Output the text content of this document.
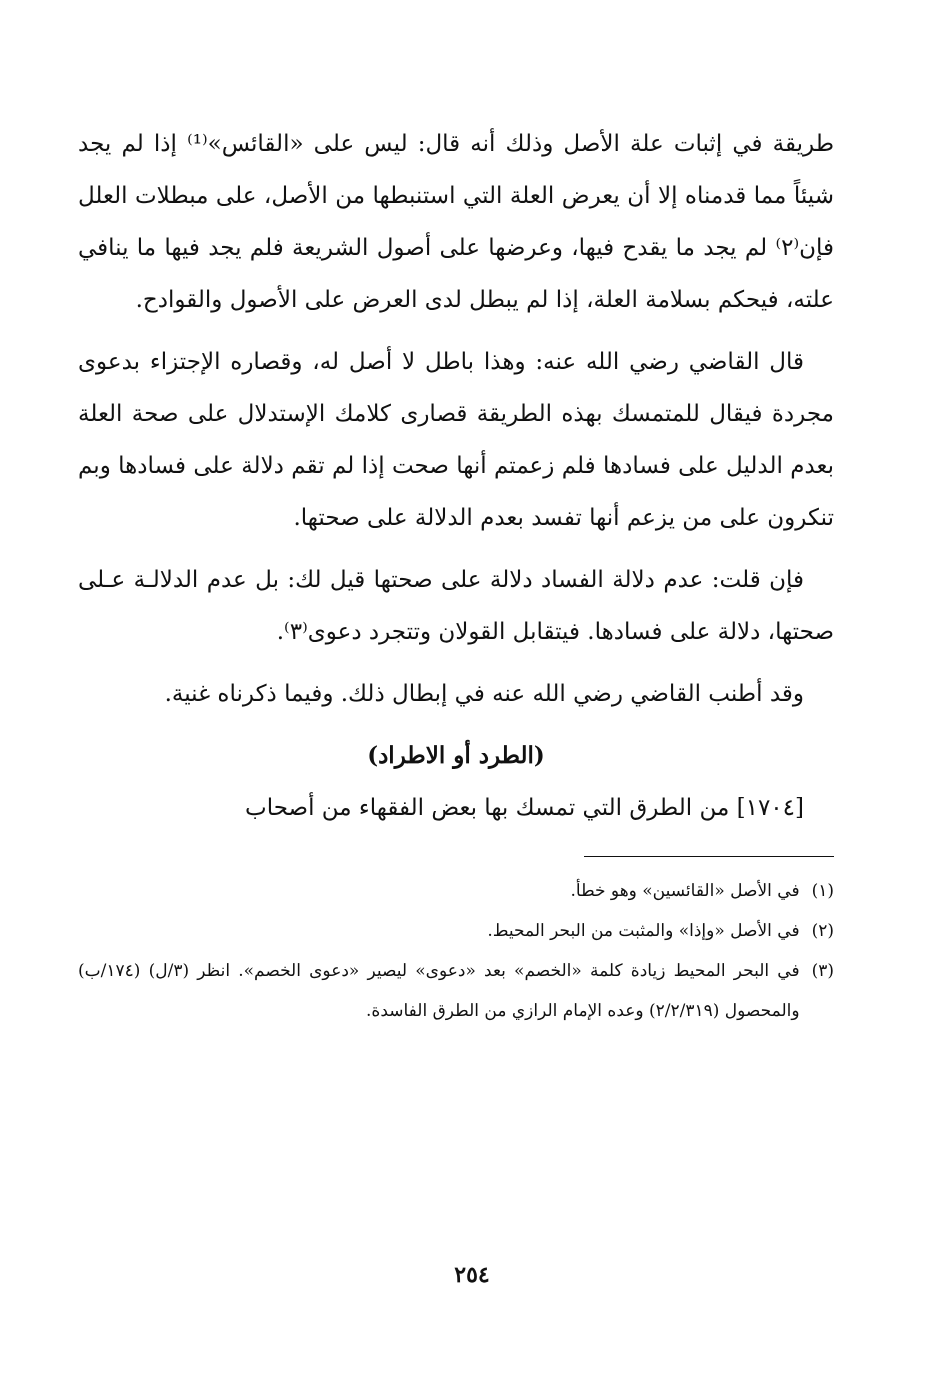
طريقة في إثبات علة الأصل وذلك أنه قال: ليس على «القائس»⁽¹⁾ إذا لم يجد شيئاً مما قدمناه إلا أن يعرض العلة التي استنبطها من الأصل، على مبطلات العلل فإن⁽٢⁾ لم يجد ما يقدح فيها، وعرضها على أصول الشريعة فلم يجد فيها ما ينافي علته، فيحكم بسلامة العلة، إذا لم يبطل لدى العرض على الأصول والقوادح.
قال القاضي رضي الله عنه: وهذا باطل لا أصل له، وقصاره الإجتزاء بدعوى مجردة فيقال للمتمسك بهذه الطريقة قصارى كلامك الإستدلال على صحة العلة بعدم الدليل على فسادها فلم زعمتم أنها صحت إذا لم تقم دلالة على فسادها وبم تنكرون على من يزعم أنها تفسد بعدم الدلالة على صحتها.
فإن قلت: عدم دلالة الفساد دلالة على صحتها قيل لك: بل عدم الدلالـة عـلى صحتها، دلالة على فسادها. فيتقابل القولان وتتجرد دعوى⁽٣⁾.
وقد أطنب القاضي رضي الله عنه في إبطال ذلك. وفيما ذكرناه غنية.
(الطرد أو الاطراد)
[١٧٠٤] من الطرق التي تمسك بها بعض الفقهاء من أصحاب
(١)
في الأصل «القائسين» وهو خطأ.
(٢)
في الأصل «وإذا» والمثبت من البحر المحيط.
(٣)
في البحر المحيط زيادة كلمة «الخصم» بعد «دعوى» ليصير «دعوى الخصم». انظر (٣/ل) (١٧٤/ب) والمحصول (٢/٢/٣١٩) وعده الإمام الرازي من الطرق الفاسدة.
٢٥٤
